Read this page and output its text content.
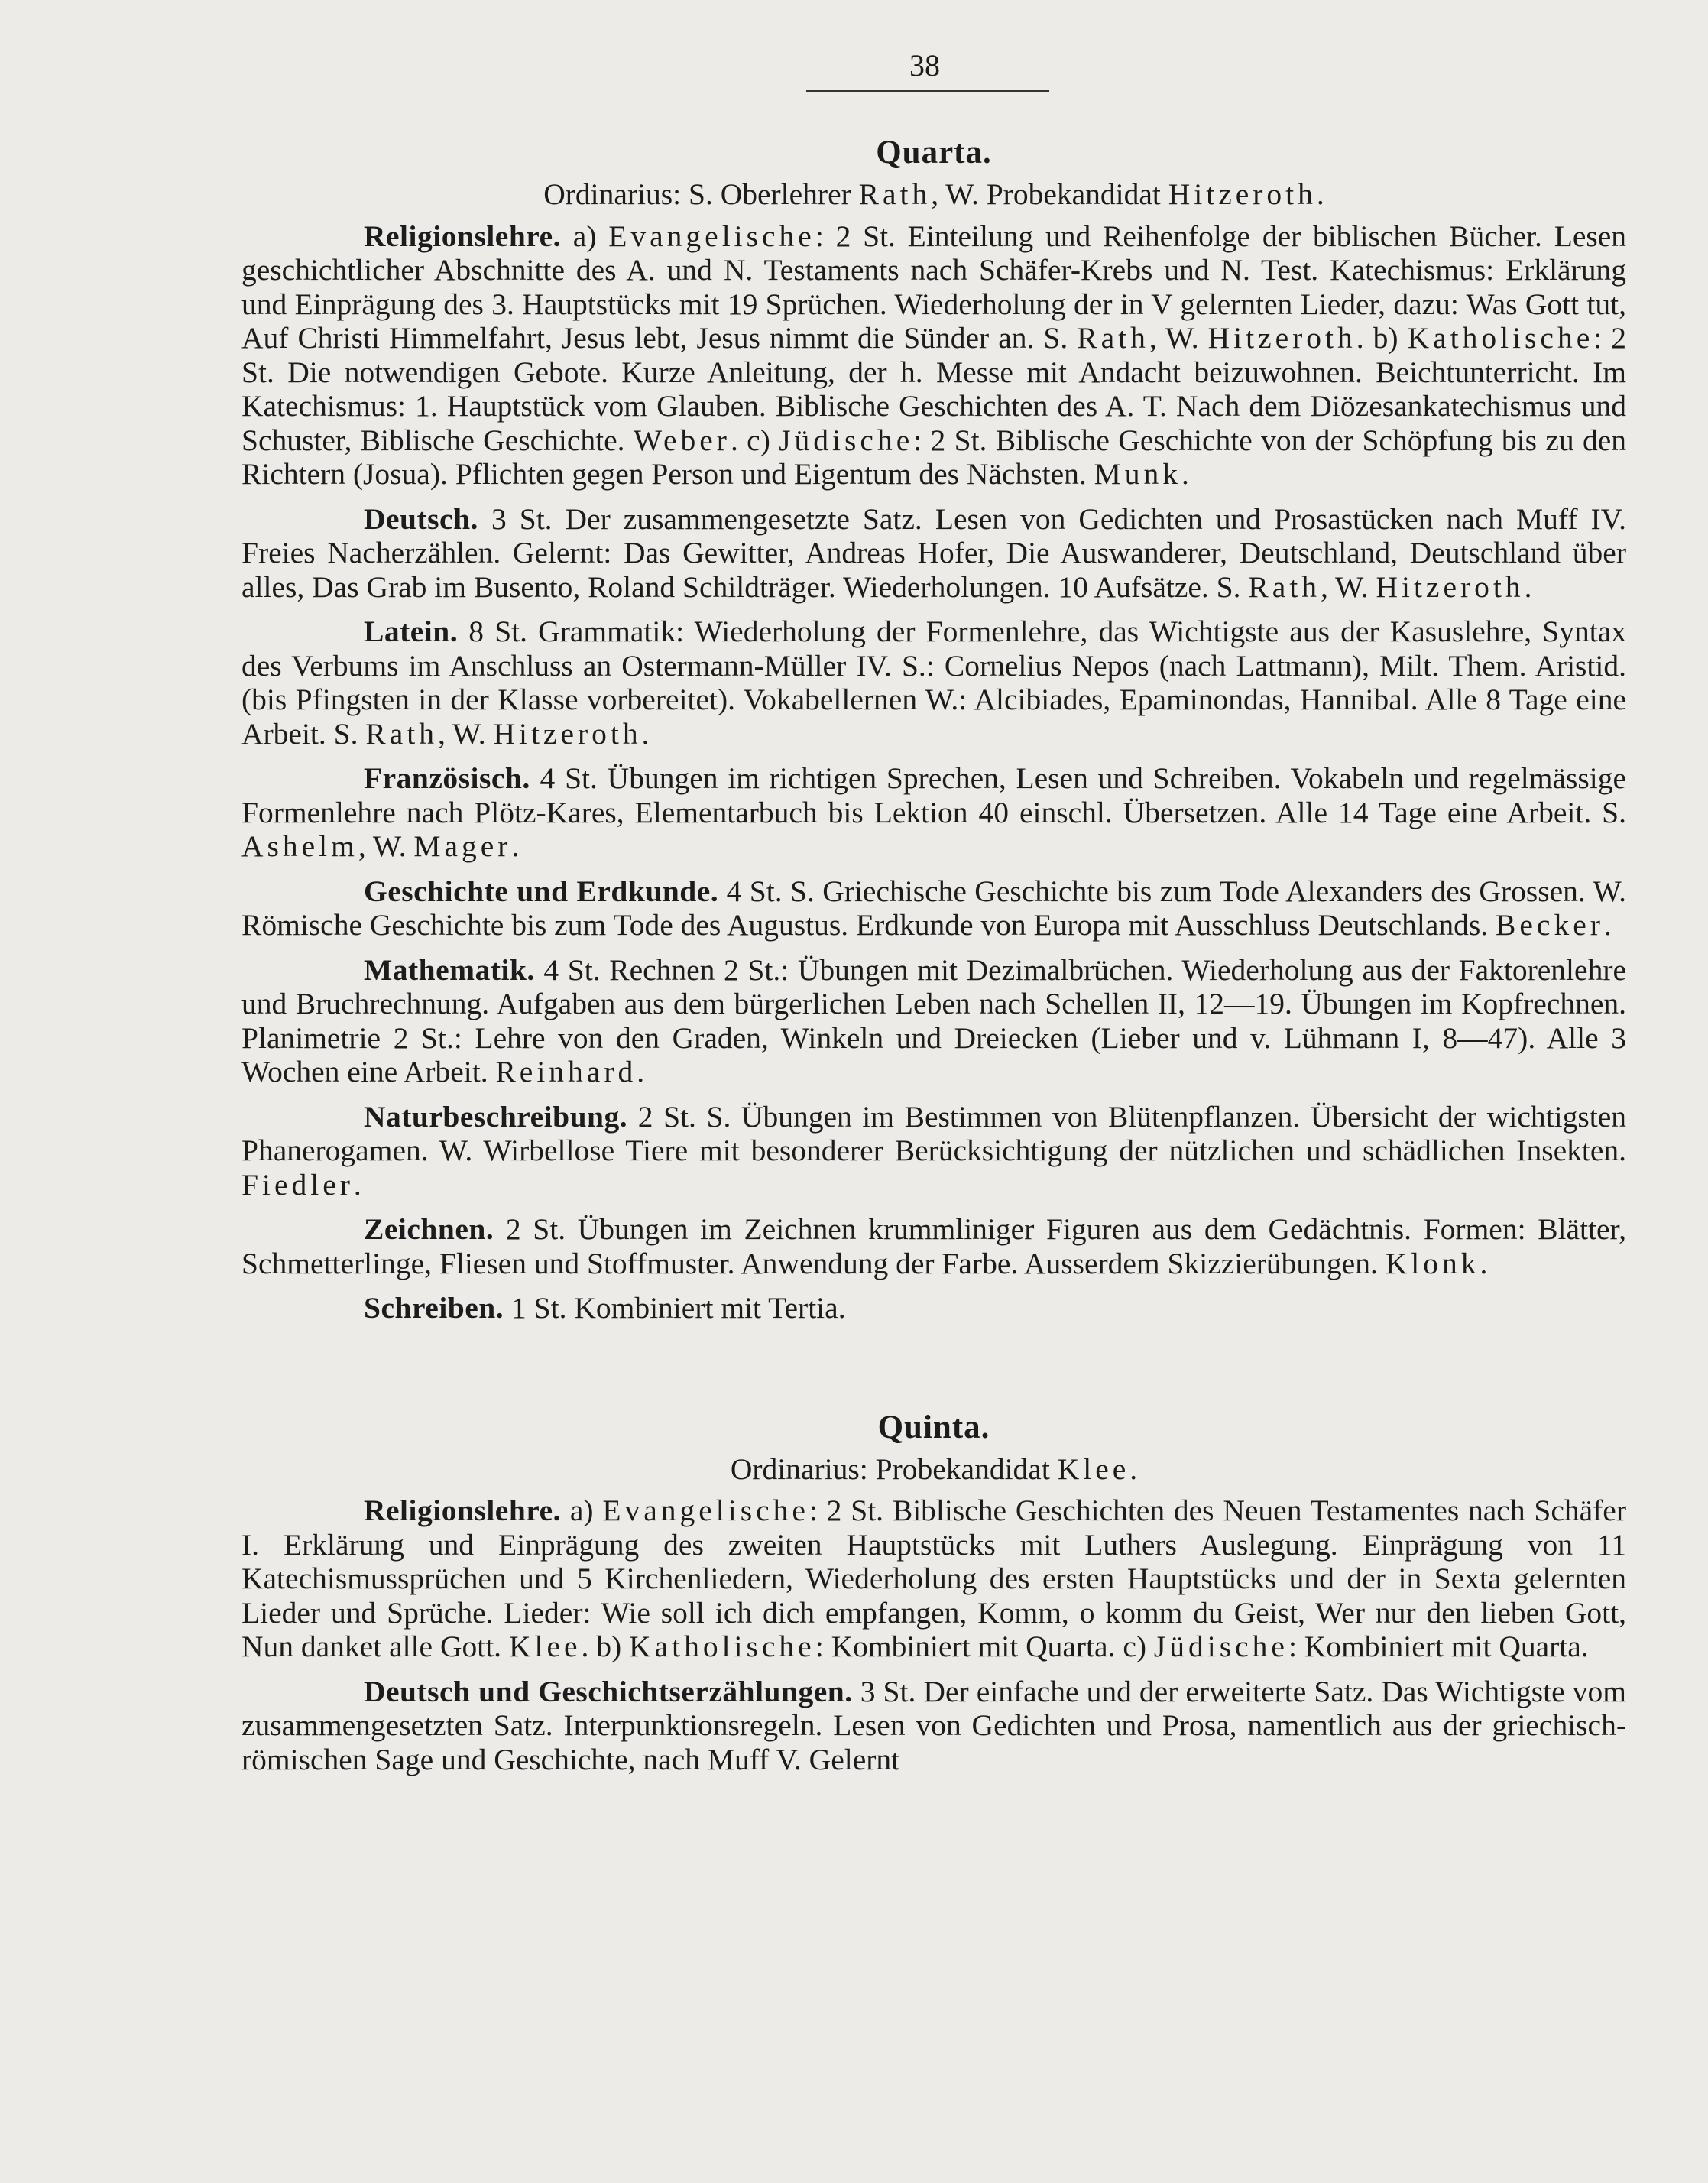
38
Quarta.
Ordinarius: S. Oberlehrer Rath, W. Probekandidat Hitzeroth.

Religionslehre. a) Evangelische: 2 St. Einteilung und Reihenfolge der biblischen Bücher. Lesen geschichtlicher Abschnitte des A. und N. Testaments nach Schäfer-Krebs und N. Test. Katechismus: Erklärung und Einprägung des 3. Hauptstücks mit 19 Sprüchen. Wiederholung der in V gelernten Lieder, dazu: Was Gott tut, Auf Christi Himmelfahrt, Jesus lebt, Jesus nimmt die Sünder an. S. Rath, W. Hitzeroth. b) Katholische: 2 St. Die notwendigen Gebote. Kurze Anleitung, der h. Messe mit Andacht beizuwohnen. Beichtunterricht. Im Katechismus: 1. Hauptstück vom Glauben. Biblische Geschichten des A. T. Nach dem Diözesankatechismus und Schuster, Biblische Geschichte. Weber. c) Jüdische: 2 St. Biblische Geschichte von der Schöpfung bis zu den Richtern (Josua). Pflichten gegen Person und Eigentum des Nächsten. Munk.

Deutsch. 3 St. Der zusammengesetzte Satz. Lesen von Gedichten und Prosastücken nach Muff IV. Freies Nacherzählen. Gelernt: Das Gewitter, Andreas Hofer, Die Auswanderer, Deutschland, Deutschland über alles, Das Grab im Busento, Roland Schildträger. Wiederholungen. 10 Aufsätze. S. Rath, W. Hitzeroth.

Latein. 8 St. Grammatik: Wiederholung der Formenlehre, das Wichtigste aus der Kasuslehre, Syntax des Verbums im Anschluss an Ostermann-Müller IV. S.: Cornelius Nepos (nach Lattmann), Milt. Them. Aristid. (bis Pfingsten in der Klasse vorbereitet). Vokabellernen W.: Alcibiades, Epaminondas, Hannibal. Alle 8 Tage eine Arbeit. S. Rath, W. Hitzeroth.

Französisch. 4 St. Übungen im richtigen Sprechen, Lesen und Schreiben. Vokabeln und regelmässige Formenlehre nach Plötz-Kares, Elementarbuch bis Lektion 40 einschl. Übersetzen. Alle 14 Tage eine Arbeit. S. Ashelm, W. Mager.

Geschichte und Erdkunde. 4 St. S. Griechische Geschichte bis zum Tode Alexanders des Grossen. W. Römische Geschichte bis zum Tode des Augustus. Erdkunde von Europa mit Ausschluss Deutschlands. Becker.

Mathematik. 4 St. Rechnen 2 St.: Übungen mit Dezimalbrüchen. Wiederholung aus der Faktorenlehre und Bruchrechnung. Aufgaben aus dem bürgerlichen Leben nach Schellen II, 12—19. Übungen im Kopfrechnen. Planimetrie 2 St.: Lehre von den Graden, Winkeln und Dreiecken (Lieber und v. Lühmann I, 8—47). Alle 3 Wochen eine Arbeit. Reinhard.

Naturbeschreibung. 2 St. S. Übungen im Bestimmen von Blütenpflanzen. Übersicht der wichtigsten Phanerogamen. W. Wirbellose Tiere mit besonderer Berücksichtigung der nützlichen und schädlichen Insekten. Fiedler.

Zeichnen. 2 St. Übungen im Zeichnen krummliniger Figuren aus dem Gedächtnis. Formen: Blätter, Schmetterlinge, Fliesen und Stoffmuster. Anwendung der Farbe. Ausserdem Skizzierübungen. Klonk.

Schreiben. 1 St. Kombiniert mit Tertia.

Quinta.
Ordinarius: Probekandidat Klee.

Religionslehre. a) Evangelische: 2 St. Biblische Geschichten des Neuen Testamentes nach Schäfer I. Erklärung und Einprägung des zweiten Hauptstücks mit Luthers Auslegung. Einprägung von 11 Katechismussprüchen und 5 Kirchenliedern, Wiederholung des ersten Hauptstücks und der in Sexta gelernten Lieder und Sprüche. Lieder: Wie soll ich dich empfangen, Komm, o komm du Geist, Wer nur den lieben Gott, Nun danket alle Gott. Klee. b) Katholische: Kombiniert mit Quarta. c) Jüdische: Kombiniert mit Quarta.

Deutsch und Geschichtserzählungen. 3 St. Der einfache und der erweiterte Satz. Das Wichtigste vom zusammengesetzten Satz. Interpunktionsregeln. Lesen von Gedichten und Prosa, namentlich aus der griechisch-römischen Sage und Geschichte, nach Muff V. Gelernt
